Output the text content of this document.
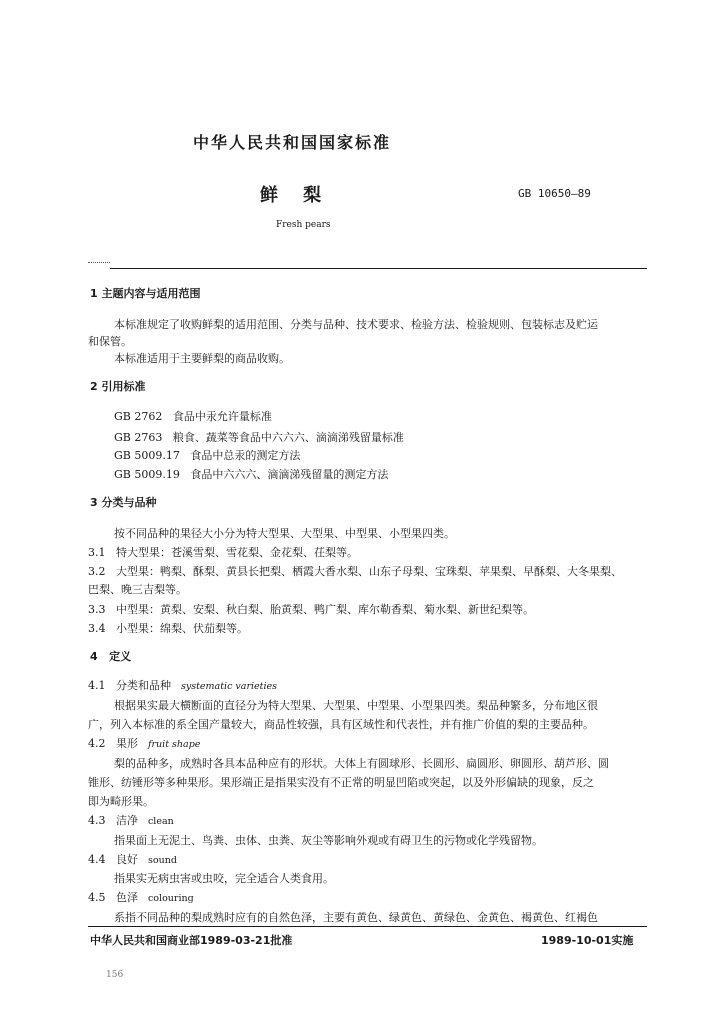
中华人民共和国国家标准
鲜    梨	GB 10650—89
Fresh pears
1 主题内容与适用范围
本标准规定了收购鲜梨的适用范围、分类与品种、技术要求、检验方法、检验规则、包装标志及贮运
和保管。
本标准适用于主要鲜梨的商品收购。
2 引用标准
GB 2762   食品中汞允许量标准
GB 2763   粮食、蔬菜等食品中六六六、滴滴涕残留量标准
GB 5009.17   食品中总汞的测定方法
GB 5009.19   食品中六六六、滴滴涕残留量的测定方法
3 分类与品种
按不同品种的果径大小分为特大型果、大型果、中型果、小型果四类。
3.1   特大型果：苍溪雪梨、雪花梨、金花梨、茌梨等。
3.2   大型果：鸭梨、酥梨、黄县长把梨、栖霞大香水梨、山东子母梨、宝珠梨、苹果梨、早酥梨、大冬果梨、
巴梨、晚三吉梨等。
3.3   中型果：黄梨、安梨、秋白梨、胎黄梨、鸭广梨、库尔勒香梨、菊水梨、新世纪梨等。
3.4   小型果：绵梨、伏茄梨等。
4   定义
4.1   分类和品种 systematic varieties
根据果实最大横断面的直径分为特大型果、大型果、中型果、小型果四类。梨品种繁多，分布地区很
广，列入本标准的系全国产量较大，商品性较强，具有区域性和代表性，并有推广价值的梨的主要品种。
4.2   果形 fruit shape
梨的品种多，成熟时各具本品种应有的形状。大体上有圆球形、长圆形、扁圆形、卵圆形、葫芦形、圆
锥形、纺锤形等多种果形。果形端正是指果实没有不正常的明显凹陷或突起，以及外形偏缺的现象，反之
即为畸形果。
4.3   洁净 clean
指果面上无泥土、鸟粪、虫体、虫粪、灰尘等影响外观或有碍卫生的污物或化学残留物。
4.4   良好 sound
指果实无病虫害或虫咬，完全适合人类食用。
4.5   色泽 colouring
系指不同品种的梨成熟时应有的自然色泽，主要有黄色、绿黄色、黄绿色、金黄色、褐黄色、红褐色
中华人民共和国商业部1989-03-21批准	1989-10-01实施
156
